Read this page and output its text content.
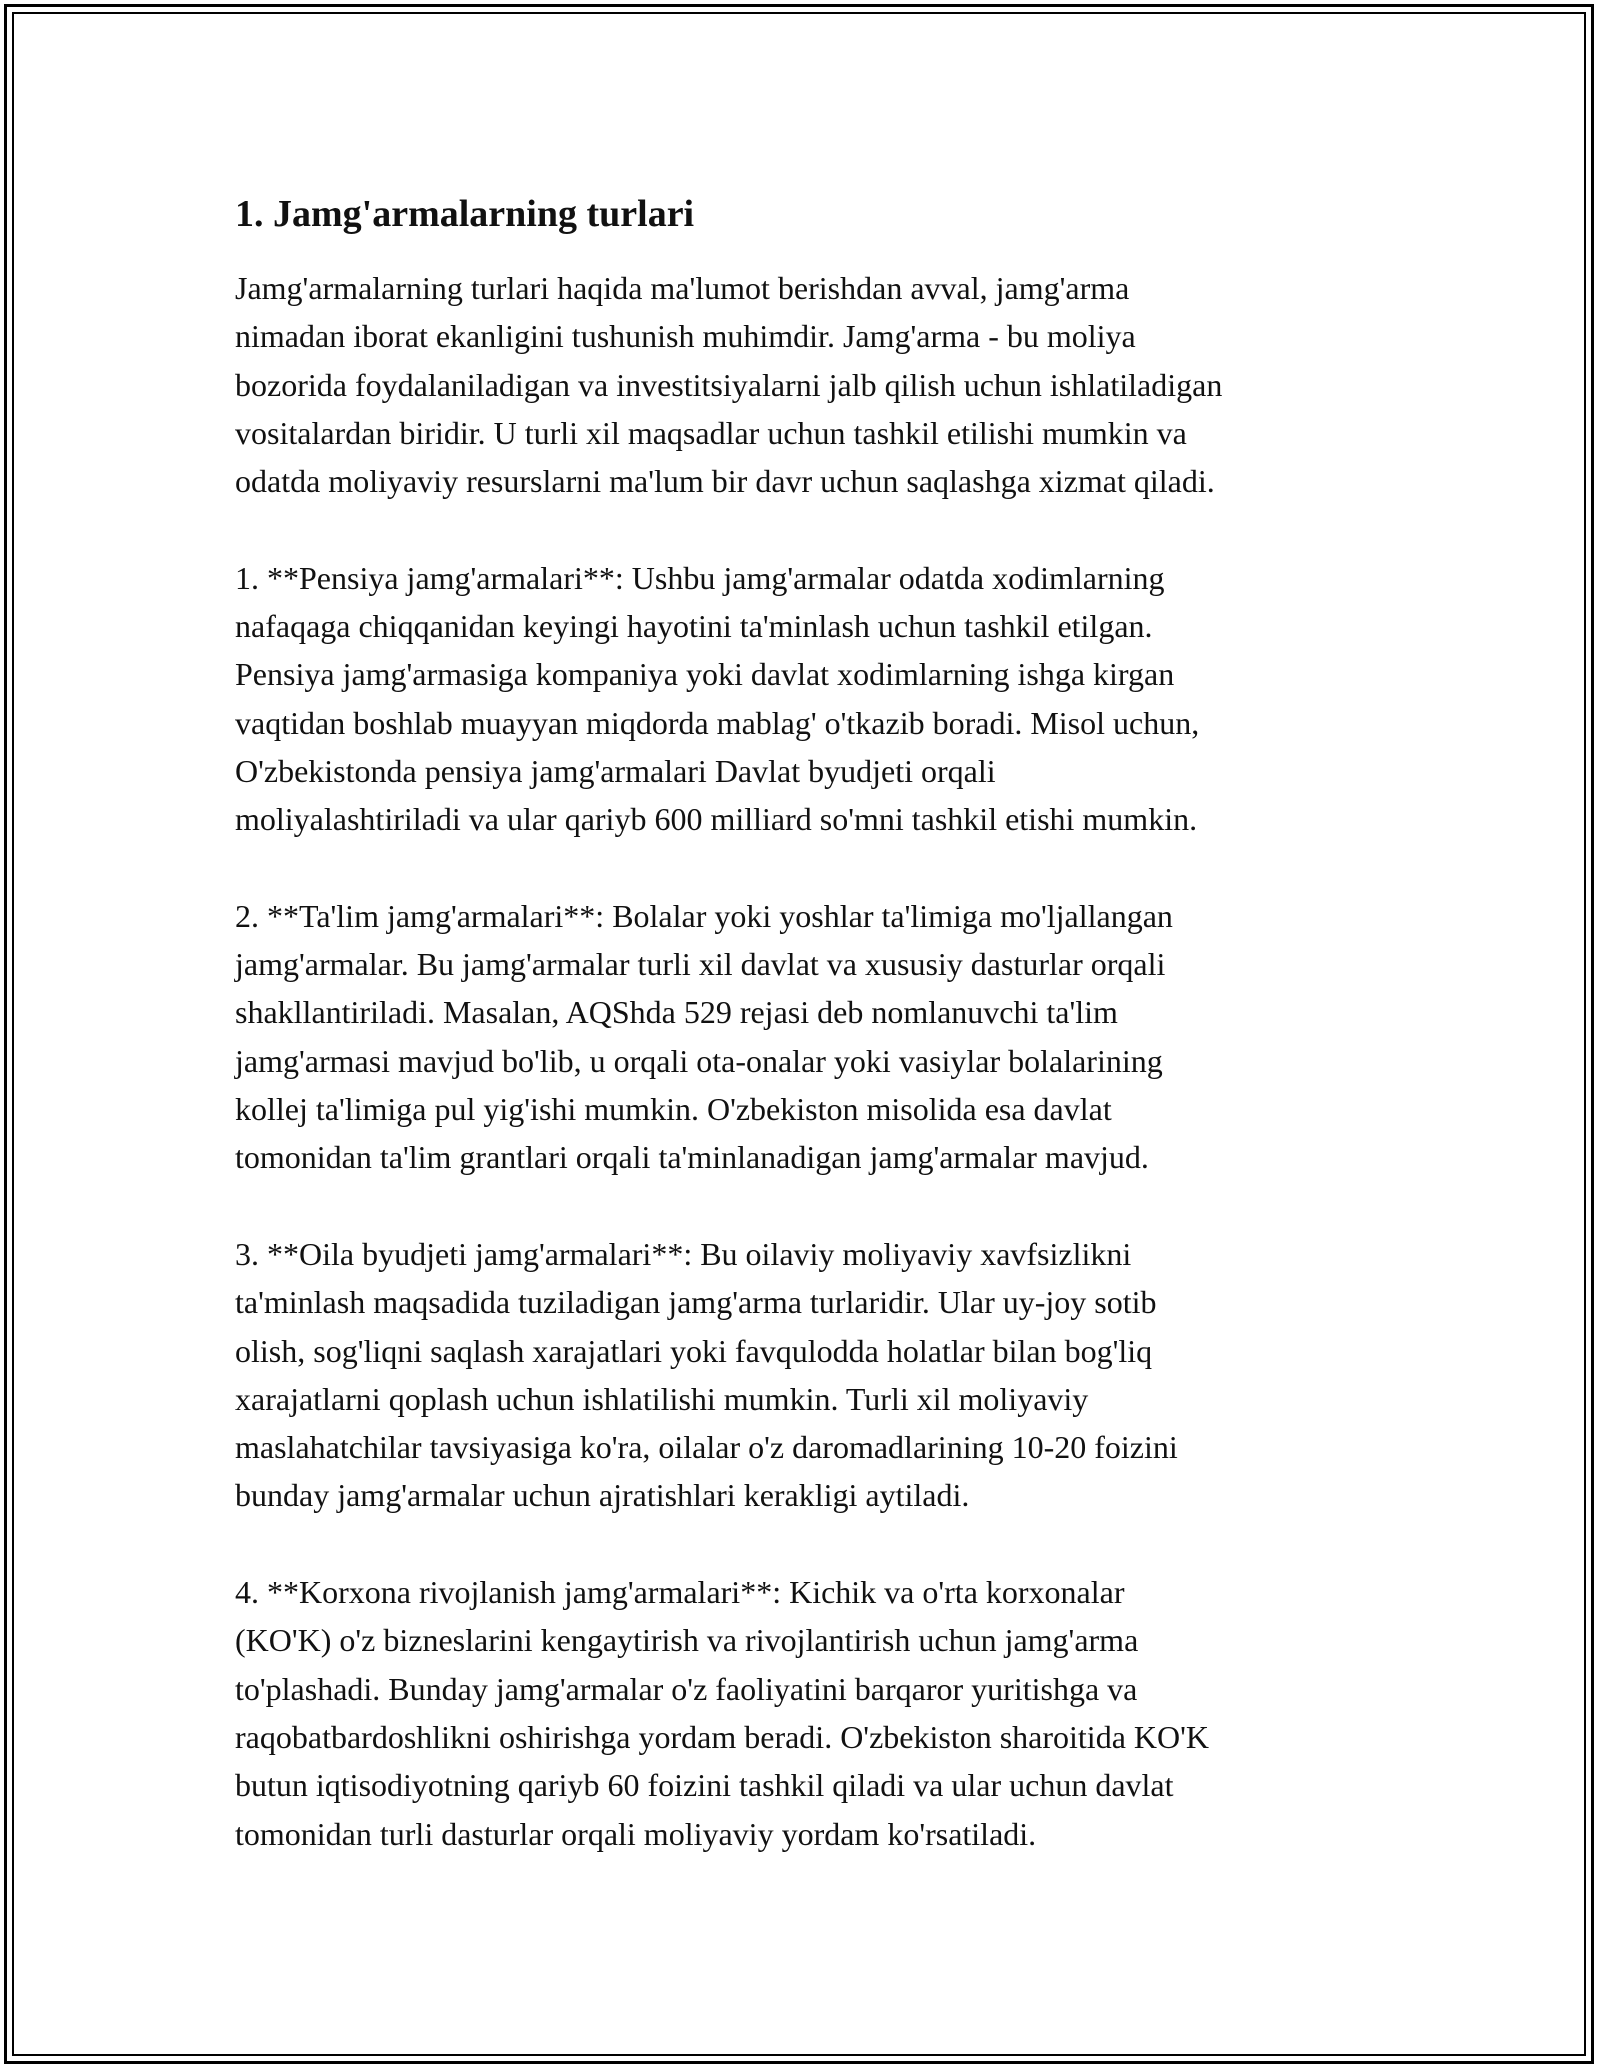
1. Jamg'armalarning turlari

Jamg'armalarning turlari haqida ma'lumot berishdan avval, jamg'arma
nimadan iborat ekanligini tushunish muhimdir. Jamg'arma - bu moliya
bozorida foydalaniladigan va investitsiyalarni jalb qilish uchun ishlatiladigan
vositalardan biridir. U turli xil maqsadlar uchun tashkil etilishi mumkin va
odatda moliyaviy resurslarni ma'lum bir davr uchun saqlashga xizmat qiladi.

1. **Pensiya jamg'armalari**: Ushbu jamg'armalar odatda xodimlarning
nafaqaga chiqqanidan keyingi hayotini ta'minlash uchun tashkil etilgan.
Pensiya jamg'armasiga kompaniya yoki davlat xodimlarning ishga kirgan
vaqtidan boshlab muayyan miqdorda mablag' o'tkazib boradi. Misol uchun,
O'zbekistonda pensiya jamg'armalari Davlat byudjeti orqali
moliyalashtiriladi va ular qariyb 600 milliard so'mni tashkil etishi mumkin.

2. **Ta'lim jamg'armalari**: Bolalar yoki yoshlar ta'limiga mo'ljallangan
jamg'armalar. Bu jamg'armalar turli xil davlat va xususiy dasturlar orqali
shakllantiriladi. Masalan, AQShda 529 rejasi deb nomlanuvchi ta'lim
jamg'armasi mavjud bo'lib, u orqali ota-onalar yoki vasiylar bolalarining
kollej ta'limiga pul yig'ishi mumkin. O'zbekiston misolida esa davlat
tomonidan ta'lim grantlari orqali ta'minlanadigan jamg'armalar mavjud.

3. **Oila byudjeti jamg'armalari**: Bu oilaviy moliyaviy xavfsizlikni
ta'minlash maqsadida tuziladigan jamg'arma turlaridir. Ular uy-joy sotib
olish, sog'liqni saqlash xarajatlari yoki favqulodda holatlar bilan bog'liq
xarajatlarni qoplash uchun ishlatilishi mumkin. Turli xil moliyaviy
maslahatchilar tavsiyasiga ko'ra, oilalar o'z daromadlarining 10-20 foizini
bunday jamg'armalar uchun ajratishlari kerakligi aytiladi.

4. **Korxona rivojlanish jamg'armalari**: Kichik va o'rta korxonalar
(KO'K) o'z bizneslarini kengaytirish va rivojlantirish uchun jamg'arma
to'plashadi. Bunday jamg'armalar o'z faoliyatini barqaror yuritishga va
raqobatbardoshlikni oshirishga yordam beradi. O'zbekiston sharoitida KO'K
butun iqtisodiyotning qariyb 60 foizini tashkil qiladi va ular uchun davlat
tomonidan turli dasturlar orqali moliyaviy yordam ko'rsatiladi.
